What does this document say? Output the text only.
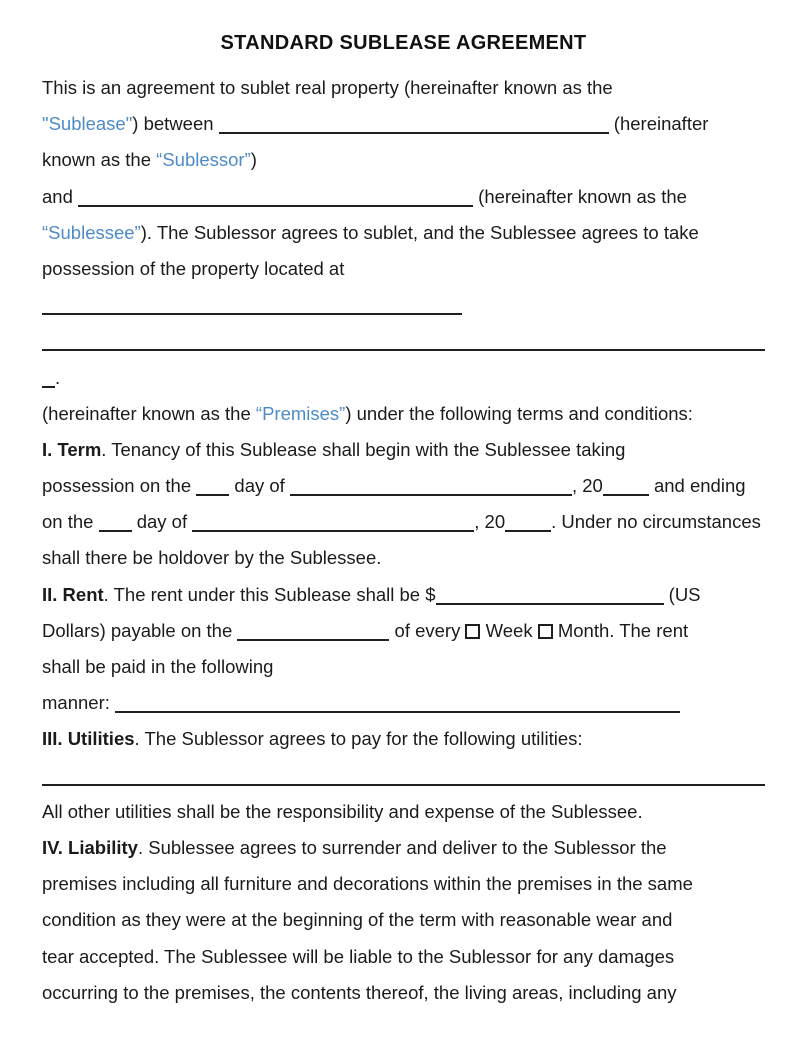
STANDARD SUBLEASE AGREEMENT
This is an agreement to sublet real property (hereinafter known as the
"Sublease") between	(hereinafter
known as the “Sublessor”)
and	(hereinafter known as the
“Sublessee”). The Sublessor agrees to sublet, and the Sublessee agrees to take
possession of the property located at
.
(hereinafter known as the “Premises”) under the following terms and conditions:
I. Term. Tenancy of this Sublease shall begin with the Sublessee taking
possession on the  day of	, 20 and ending
on the  day of	, 20 . Under no circumstances
shall there be holdover by the Sublessee.
II. Rent. The rent under this Sublease shall be $	(US
Dollars) payable on the	of every  Week  Month. The rent
shall be paid in the following
manner:
III. Utilities. The Sublessor agrees to pay for the following utilities:
All other utilities shall be the responsibility and expense of the Sublessee.
IV. Liability. Sublessee agrees to surrender and deliver to the Sublessor the
premises including all furniture and decorations within the premises in the same
condition as they were at the beginning of the term with reasonable wear and
tear accepted. The Sublessee will be liable to the Sublessor for any damages
occurring to the premises, the contents thereof, the living areas, including any
